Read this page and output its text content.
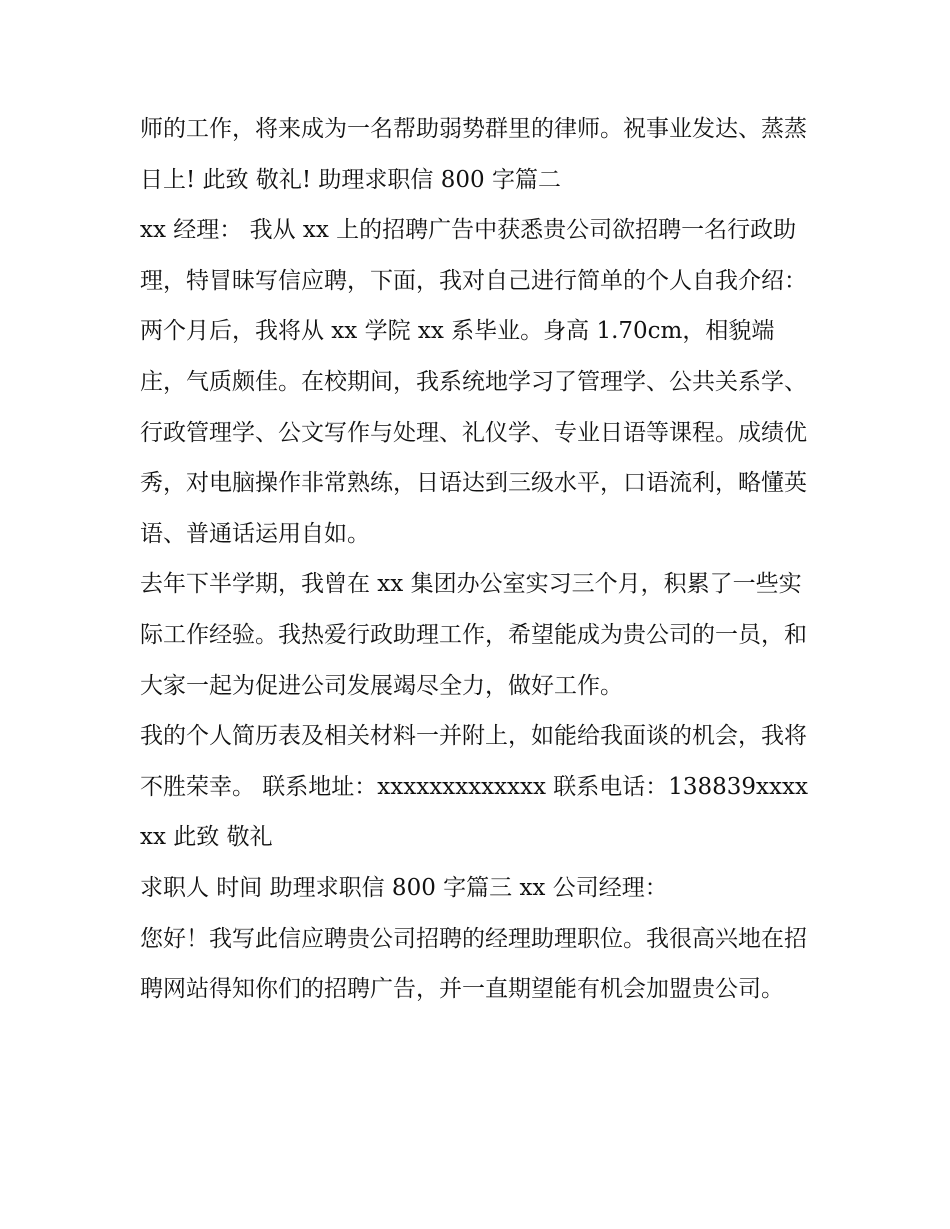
师的工作，将来成为一名帮助弱势群里的律师。祝事业发达、蒸蒸日上! 此致 敬礼! 助理求职信 800 字篇二

xx 经理： 我从 xx 上的招聘广告中获悉贵公司欲招聘一名行政助理，特冒昧写信应聘，下面，我对自己进行简单的个人自我介绍：

两个月后，我将从 xx 学院 xx 系毕业。身高 1.70cm，相貌端庄，气质颇佳。在校期间，我系统地学习了管理学、公共关系学、行政管理学、公文写作与处理、礼仪学、专业日语等课程。成绩优秀，对电脑操作非常熟练，日语达到三级水平，口语流利，略懂英语、普通话运用自如。

去年下半学期，我曾在 xx 集团办公室实习三个月，积累了一些实际工作经验。我热爱行政助理工作，希望能成为贵公司的一员，和大家一起为促进公司发展竭尽全力，做好工作。

我的个人简历表及相关材料一并附上，如能给我面谈的机会，我将不胜荣幸。 联系地址：xxxxxxxxxxxxx 联系电话：138839xxxxxx 此致 敬礼

求职人 时间 助理求职信 800 字篇三 xx 公司经理：

您好！我写此信应聘贵公司招聘的经理助理职位。我很高兴地在招聘网站得知你们的招聘广告，并一直期望能有机会加盟贵公司。
